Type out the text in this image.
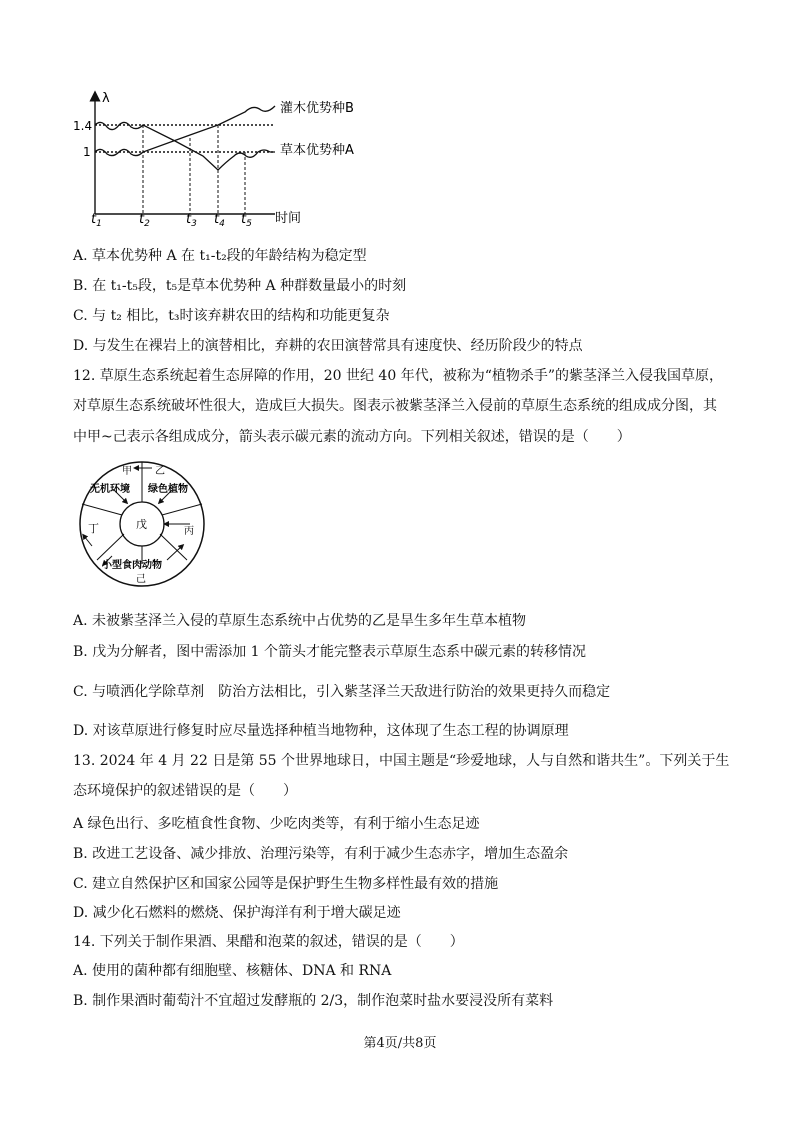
λ
1.4
1
灌木优势种B
草本优势种A
$t_1$	$t_2$	$t_3$ $t_4$ $t_5$ 时间
A. 草本优势种 A 在 t₁-t₂段的年龄结构为稳定型
B. 在 t₁-t₅段，t₅是草本优势种 A 种群数量最小的时刻
C. 与 t₂ 相比，t₃时该弃耕农田的结构和功能更复杂
D. 与发生在裸岩上的演替相比，弃耕的农田演替常具有速度快、经历阶段少的特点
12. 草原生态系统起着生态屏障的作用，20 世纪 40 年代，被称为“植物杀手”的紫茎泽兰入侵我国草原，
对草原生态系统破坏性很大，造成巨大损失。图表示被紫茎泽兰入侵前的草原生态系统的组成成分图，其
中甲~己表示各组成成分，箭头表示碳元素的流动方向。下列相关叙述，错误的是（　　）
甲 乙
无机环境 绿色植物
戊
丁	丙
小型食肉动物
己
A. 未被紫茎泽兰入侵的草原生态系统中占优势的乙是旱生多年生草本植物
B. 戊为分解者，图中需添加 1 个箭头才能完整表示草原生态系中碳元素的转移情况
C. 与喷洒化学除草剂　防治方法相比，引入紫茎泽兰天敌进行防治的效果更持久而稳定
D. 对该草原进行修复时应尽量选择种植当地物种，这体现了生态工程的协调原理
13. 2024 年 4 月 22 日是第 55 个世界地球日，中国主题是“珍爱地球，人与自然和谐共生”。下列关于生
态环境保护的叙述错误的是（　　）
A 绿色出行、多吃植食性食物、少吃肉类等，有利于缩小生态足迹
B. 改进工艺设备、减少排放、治理污染等，有利于减少生态赤字，增加生态盈余
C. 建立自然保护区和国家公园等是保护野生生物多样性最有效的措施
D. 减少化石燃料的燃烧、保护海洋有利于增大碳足迹
14. 下列关于制作果酒、果醋和泡菜的叙述，错误的是（　　）
A. 使用的菌种都有细胞壁、核糖体、DNA 和 RNA
B. 制作果酒时葡萄汁不宜超过发酵瓶的 2/3，制作泡菜时盐水要浸没所有菜料
第4页/共8页
